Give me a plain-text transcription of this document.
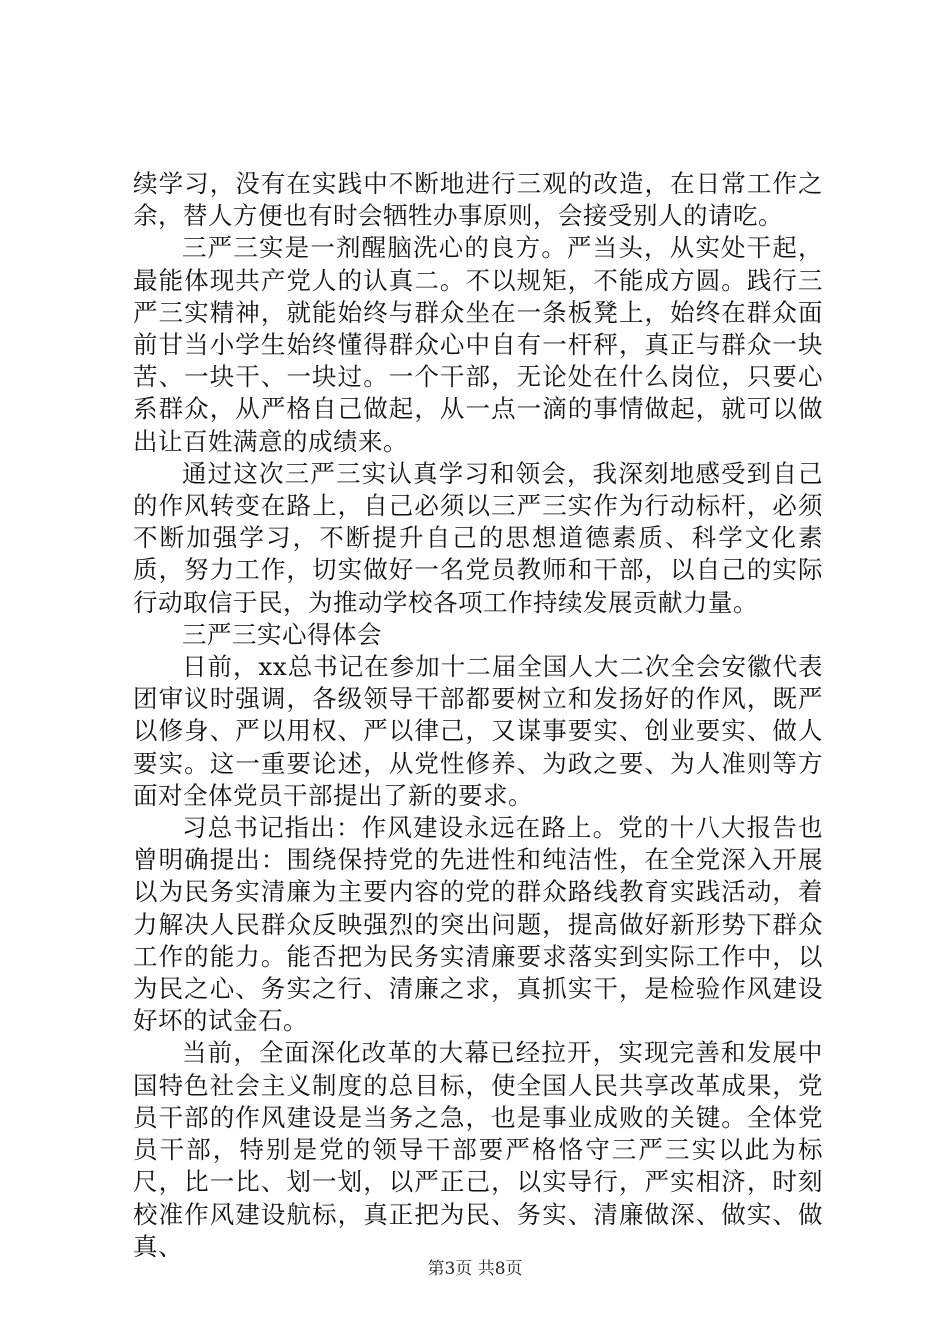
续学习，没有在实践中不断地进行三观的改造，在日常工作之余，替人方便也有时会牺牲办事原则，会接受别人的请吃。

三严三实是一剂醒脑洗心的良方。严当头，从实处干起，最能体现共产党人的认真二。不以规矩，不能成方圆。践行三严三实精神，就能始终与群众坐在一条板凳上，始终在群众面前甘当小学生始终懂得群众心中自有一杆秤，真正与群众一块苦、一块干、一块过。一个干部，无论处在什么岗位，只要心系群众，从严格自己做起，从一点一滴的事情做起，就可以做出让百姓满意的成绩来。

通过这次三严三实认真学习和领会，我深刻地感受到自己的作风转变在路上，自己必须以三严三实作为行动标杆，必须不断加强学习，不断提升自己的思想道德素质、科学文化素质，努力工作，切实做好一名党员教师和干部，以自己的实际行动取信于民，为推动学校各项工作持续发展贡献力量。

三严三实心得体会

日前，xx总书记在参加十二届全国人大二次全会安徽代表团审议时强调，各级领导干部都要树立和发扬好的作风，既严以修身、严以用权、严以律己，又谋事要实、创业要实、做人要实。这一重要论述，从党性修养、为政之要、为人准则等方面对全体党员干部提出了新的要求。

习总书记指出：作风建设永远在路上。党的十八大报告也曾明确提出：围绕保持党的先进性和纯洁性，在全党深入开展以为民务实清廉为主要内容的党的群众路线教育实践活动，着力解决人民群众反映强烈的突出问题，提高做好新形势下群众工作的能力。能否把为民务实清廉要求落实到实际工作中，以为民之心、务实之行、清廉之求，真抓实干，是检验作风建设好坏的试金石。

当前，全面深化改革的大幕已经拉开，实现完善和发展中国特色社会主义制度的总目标，使全国人民共享改革成果，党员干部的作风建设是当务之急，也是事业成败的关键。全体党员干部，特别是党的领导干部要严格恪守三严三实以此为标尺，比一比、划一划，以严正己，以实导行，严实相济，时刻校准作风建设航标，真正把为民、务实、清廉做深、做实、做真、

第3页 共8页
